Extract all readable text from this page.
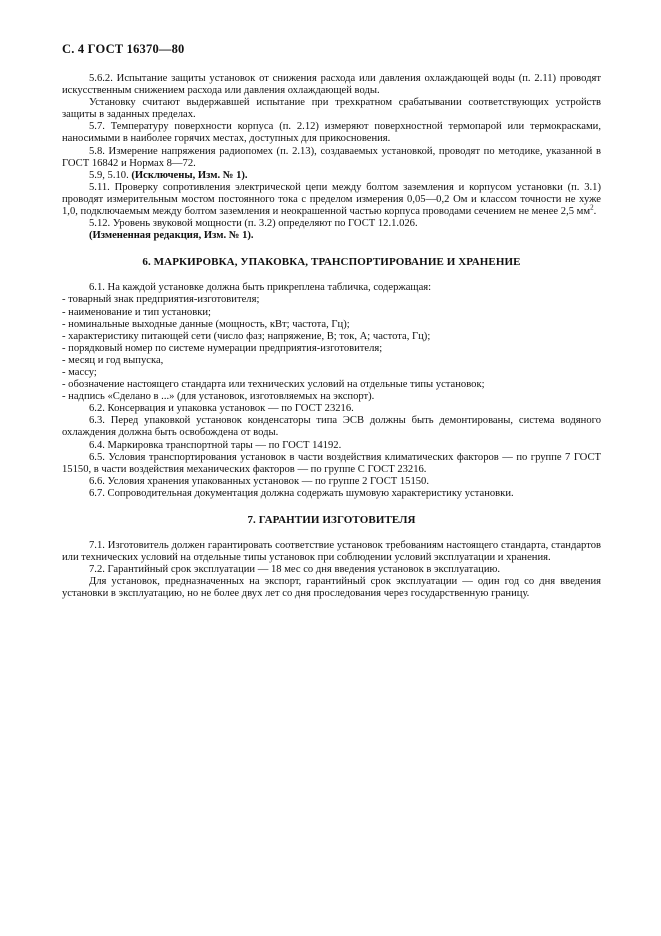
С. 4 ГОСТ 16370—80

5.6.2. Испытание защиты установок от снижения расхода или давления охлаждающей воды (п. 2.11) проводят искусственным снижением расхода или давления охлаждающей воды.

Установку считают выдержавшей испытание при трехкратном срабатывании соответствующих устройств защиты в заданных пределах.

5.7. Температуру поверхности корпуса (п. 2.12) измеряют поверхностной термопарой или термокрасками, наносимыми в наиболее горячих местах, доступных для прикосновения.

5.8. Измерение напряжения радиопомех (п. 2.13), создаваемых установкой, проводят по методике, указанной в ГОСТ 16842 и Нормах 8—72.

5.9, 5.10. (Исключены, Изм. № 1).

5.11. Проверку сопротивления электрической цепи между болтом заземления и корпусом установки (п. 3.1) проводят измерительным мостом постоянного тока с пределом измерения 0,05—0,2 Ом и классом точности не хуже 1,0, подключаемым между болтом заземления и неокрашенной частью корпуса проводами сечением не менее 2,5 $мм^2$.

5.12. Уровень звуковой мощности (п. 3.2) определяют по ГОСТ 12.1.026.

(Измененная редакция, Изм. № 1).

6. МАРКИРОВКА, УПАКОВКА, ТРАНСПОРТИРОВАНИЕ И ХРАНЕНИЕ

6.1. На каждой установке должна быть прикреплена табличка, содержащая:

- товарный знак предприятия-изготовителя;

- наименование и тип установки;

- номинальные выходные данные (мощность, кВт; частота, Гц);

- характеристику питающей сети (число фаз; напряжение, В; ток, А; частота, Гц);

- порядковый номер по системе нумерации предприятия-изготовителя;

- месяц и год выпуска,

- массу;

- обозначение настоящего стандарта или технических условий на отдельные типы установок;

- надпись «Сделано в ...» (для установок, изготовляемых на экспорт).

6.2. Консервация и упаковка установок — по ГОСТ 23216.

6.3. Перед упаковкой установок конденсаторы типа ЭСВ должны быть демонтированы, система водяного охлаждения должна быть освобождена от воды.

6.4. Маркировка транспортной тары — по ГОСТ 14192.

6.5. Условия транспортирования установок в части воздействия климатических факторов — по группе 7 ГОСТ 15150, в части воздействия механических факторов — по группе С ГОСТ 23216.

6.6. Условия хранения упакованных установок — по группе 2 ГОСТ 15150.

6.7. Сопроводительная документация должна содержать шумовую характеристику установки.

7. ГАРАНТИИ ИЗГОТОВИТЕЛЯ

7.1. Изготовитель должен гарантировать соответствие установок требованиям настоящего стандарта, стандартов или технических условий на отдельные типы установок при соблюдении условий эксплуатации и хранения.

7.2. Гарантийный срок эксплуатации — 18 мес со дня введения установок в эксплуатацию.

Для установок, предназначенных на экспорт, гарантийный срок эксплуатации — один год со дня введения установки в эксплуатацию, но не более двух лет со дня проследования через государственную границу.
